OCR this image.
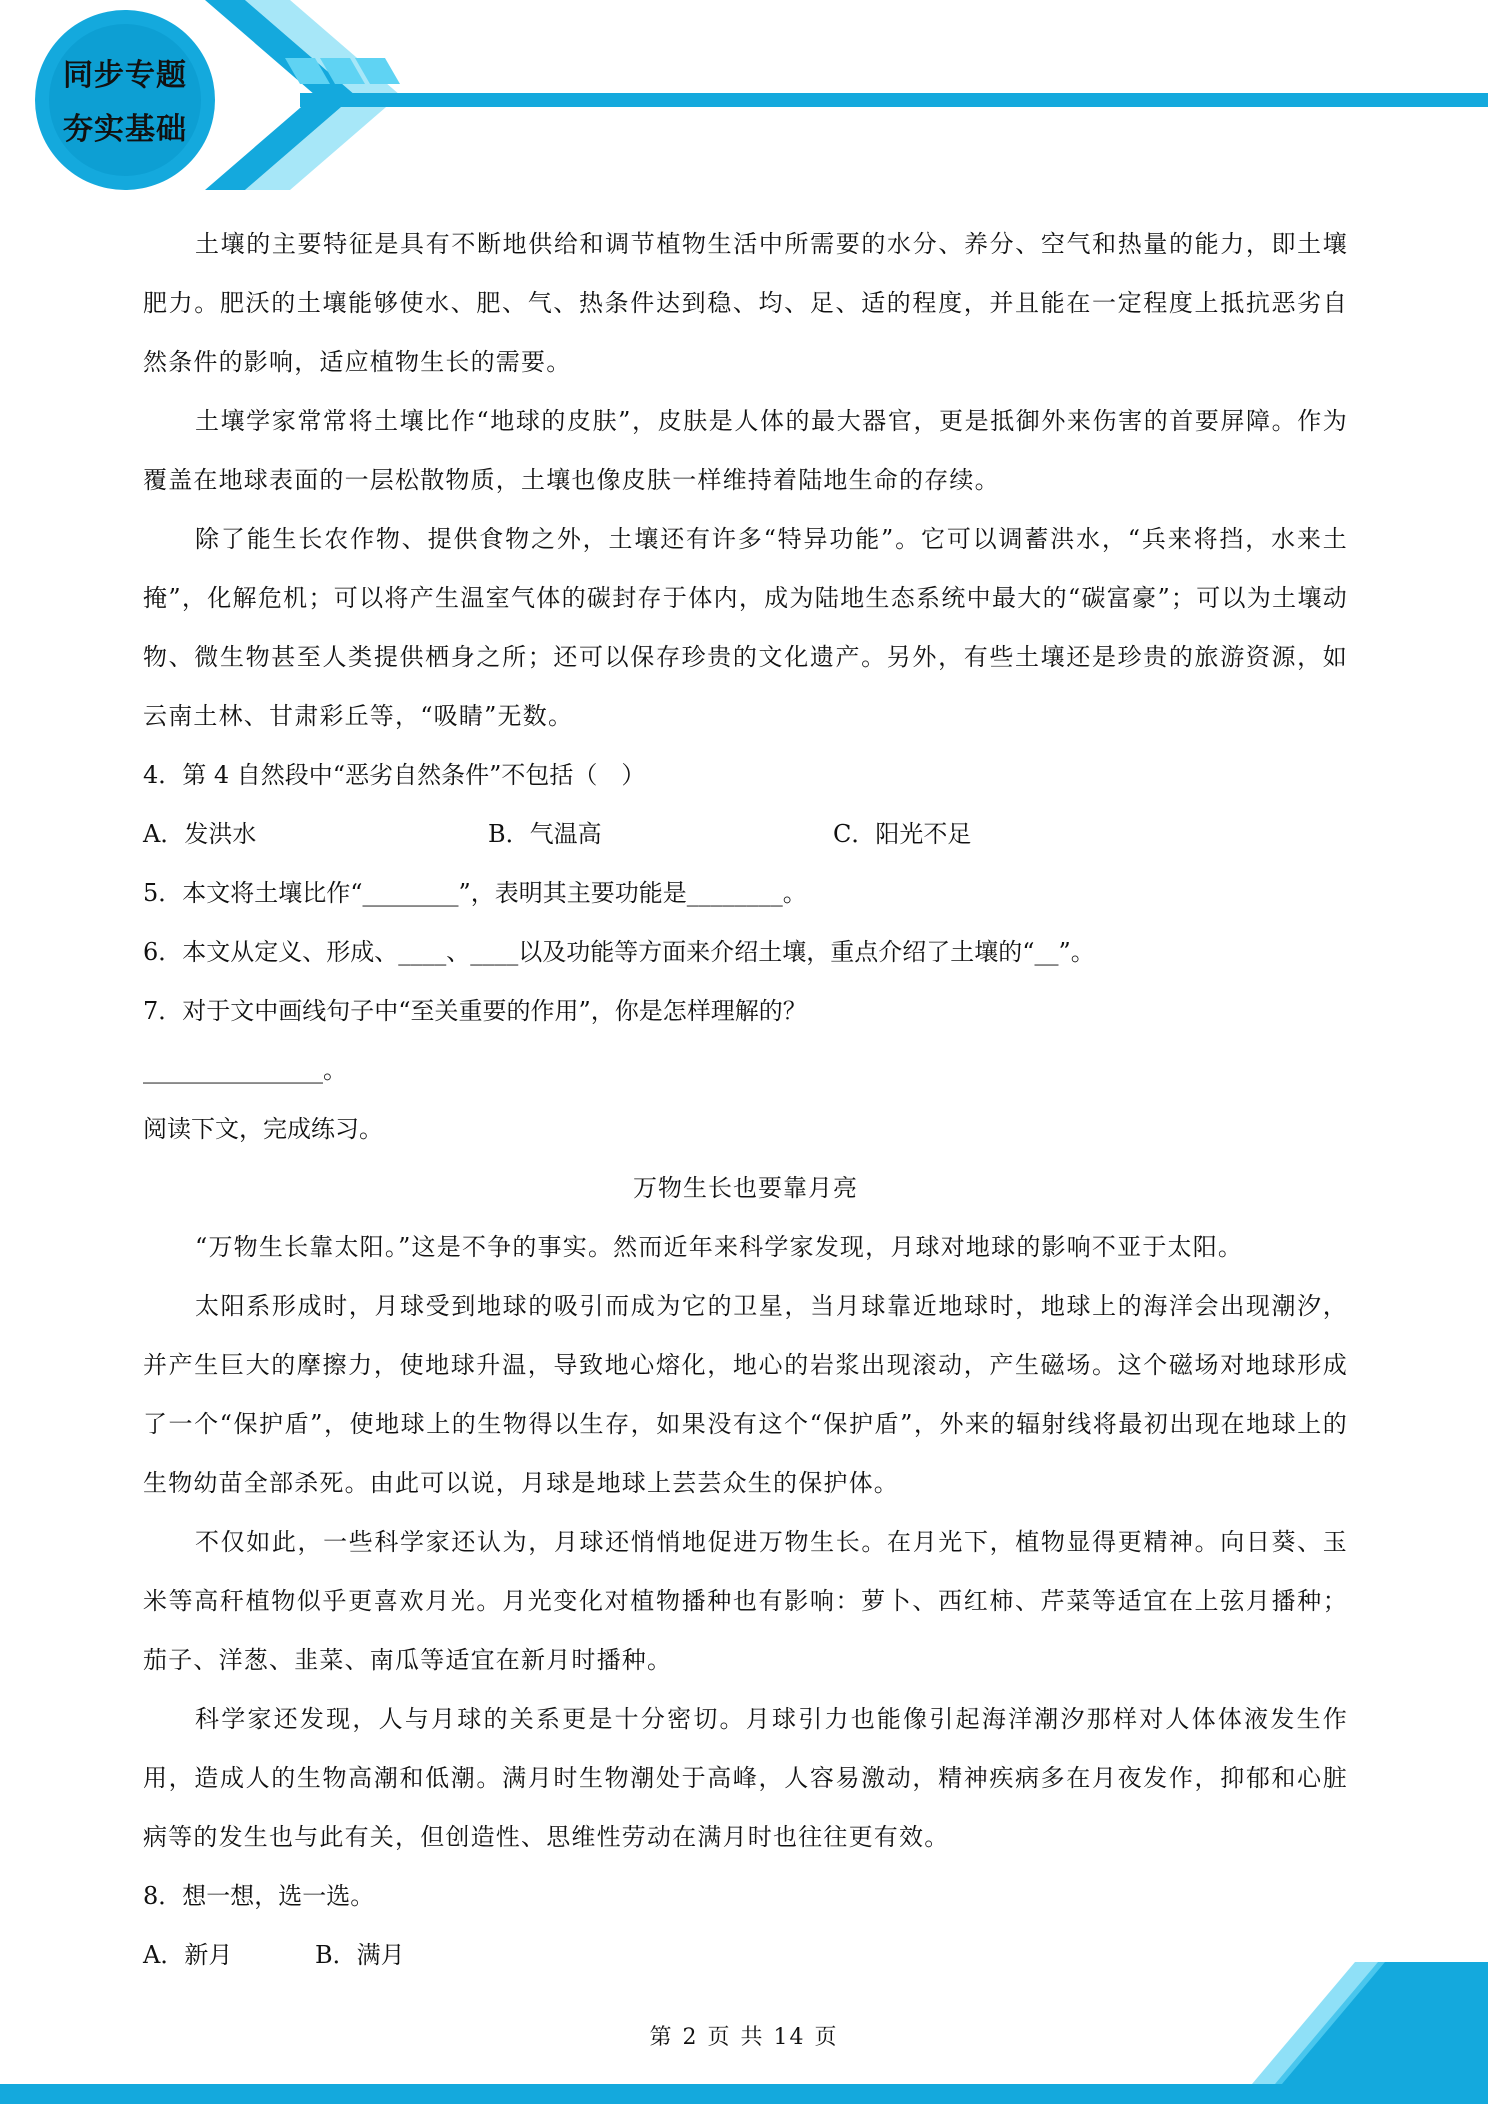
同步专题
夯实基础

土壤的主要特征是具有不断地供给和调节植物生活中所需要的水分、养分、空气和热量的能力，即土壤肥力。肥沃的土壤能够使水、肥、气、热条件达到稳、均、足、适的程度，并且能在一定程度上抵抗恶劣自然条件的影响，适应植物生长的需要。

土壤学家常常将土壤比作“地球的皮肤”，皮肤是人体的最大器官，更是抵御外来伤害的首要屏障。作为覆盖在地球表面的一层松散物质，土壤也像皮肤一样维持着陆地生命的存续。

除了能生长农作物、提供食物之外，土壤还有许多“特异功能”。它可以调蓄洪水，“兵来将挡，水来土掩”，化解危机；可以将产生温室气体的碳封存于体内，成为陆地生态系统中最大的“碳富豪”；可以为土壤动物、微生物甚至人类提供栖身之所；还可以保存珍贵的文化遗产。另外，有些土壤还是珍贵的旅游资源，如云南土林、甘肃彩丘等，“吸睛”无数。

4．第 4 自然段中“恶劣自然条件”不包括（　）

A．发洪水	B．气温高	C．阳光不足

5．本文将土壤比作“________”，表明其主要功能是________。

6．本文从定义、形成、____、____以及功能等方面来介绍土壤，重点介绍了土壤的“__”。

7．对于文中画线句子中“至关重要的作用”，你是怎样理解的？

_______________。

阅读下文，完成练习。

万物生长也要靠月亮

“万物生长靠太阳。”这是不争的事实。然而近年来科学家发现，月球对地球的影响不亚于太阳。

太阳系形成时，月球受到地球的吸引而成为它的卫星，当月球靠近地球时，地球上的海洋会出现潮汐，并产生巨大的摩擦力，使地球升温，导致地心熔化，地心的岩浆出现滚动，产生磁场。这个磁场对地球形成了一个“保护盾”，使地球上的生物得以生存，如果没有这个“保护盾”，外来的辐射线将最初出现在地球上的生物幼苗全部杀死。由此可以说，月球是地球上芸芸众生的保护体。

不仅如此，一些科学家还认为，月球还悄悄地促进万物生长。在月光下，植物显得更精神。向日葵、玉米等高秆植物似乎更喜欢月光。月光变化对植物播种也有影响：萝卜、西红柿、芹菜等适宜在上弦月播种；茄子、洋葱、韭菜、南瓜等适宜在新月时播种。

科学家还发现，人与月球的关系更是十分密切。月球引力也能像引起海洋潮汐那样对人体体液发生作用，造成人的生物高潮和低潮。满月时生物潮处于高峰，人容易激动，精神疾病多在月夜发作，抑郁和心脏病等的发生也与此有关，但创造性、思维性劳动在满月时也往往更有效。

8．想一想，选一选。

A．新月	B．满月
第 2 页 共 14 页
